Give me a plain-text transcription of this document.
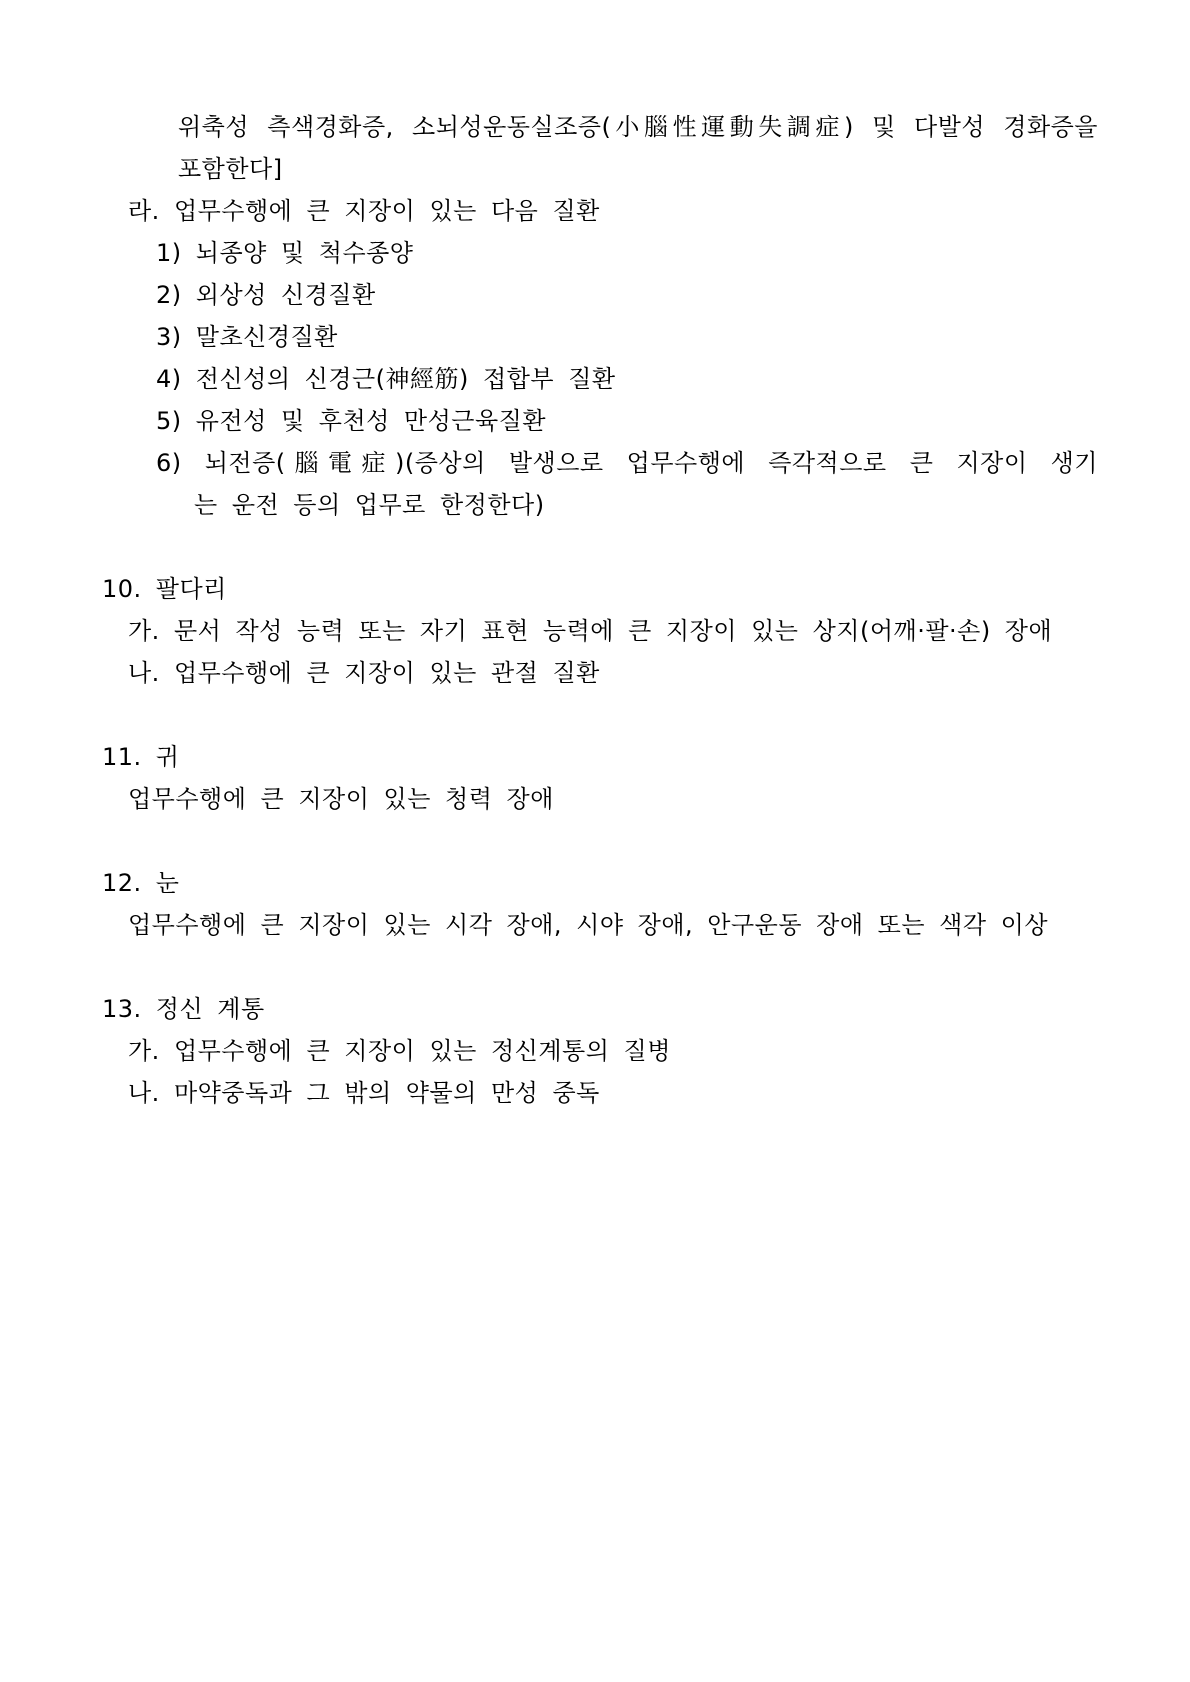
위축성 측색경화증, 소뇌성운동실조증(小腦性運動失調症) 및 다발성 경화증을
포함한다]
라. 업무수행에 큰 지장이 있는 다음 질환
1) 뇌종양 및 척수종양
2) 외상성 신경질환
3) 말초신경질환
4) 전신성의 신경근(神經筋) 접합부 질환
5) 유전성 및 후천성 만성근육질환
6) 뇌전증(腦電症)(증상의 발생으로 업무수행에 즉각적으로 큰 지장이 생기
는 운전 등의 업무로 한정한다)
10. 팔다리
가. 문서 작성 능력 또는 자기 표현 능력에 큰 지장이 있는 상지(어깨·팔·손) 장애
나. 업무수행에 큰 지장이 있는 관절 질환
11. 귀
업무수행에 큰 지장이 있는 청력 장애
12. 눈
업무수행에 큰 지장이 있는 시각 장애, 시야 장애, 안구운동 장애 또는 색각 이상
13. 정신 계통
가. 업무수행에 큰 지장이 있는 정신계통의 질병
나. 마약중독과 그 밖의 약물의 만성 중독
